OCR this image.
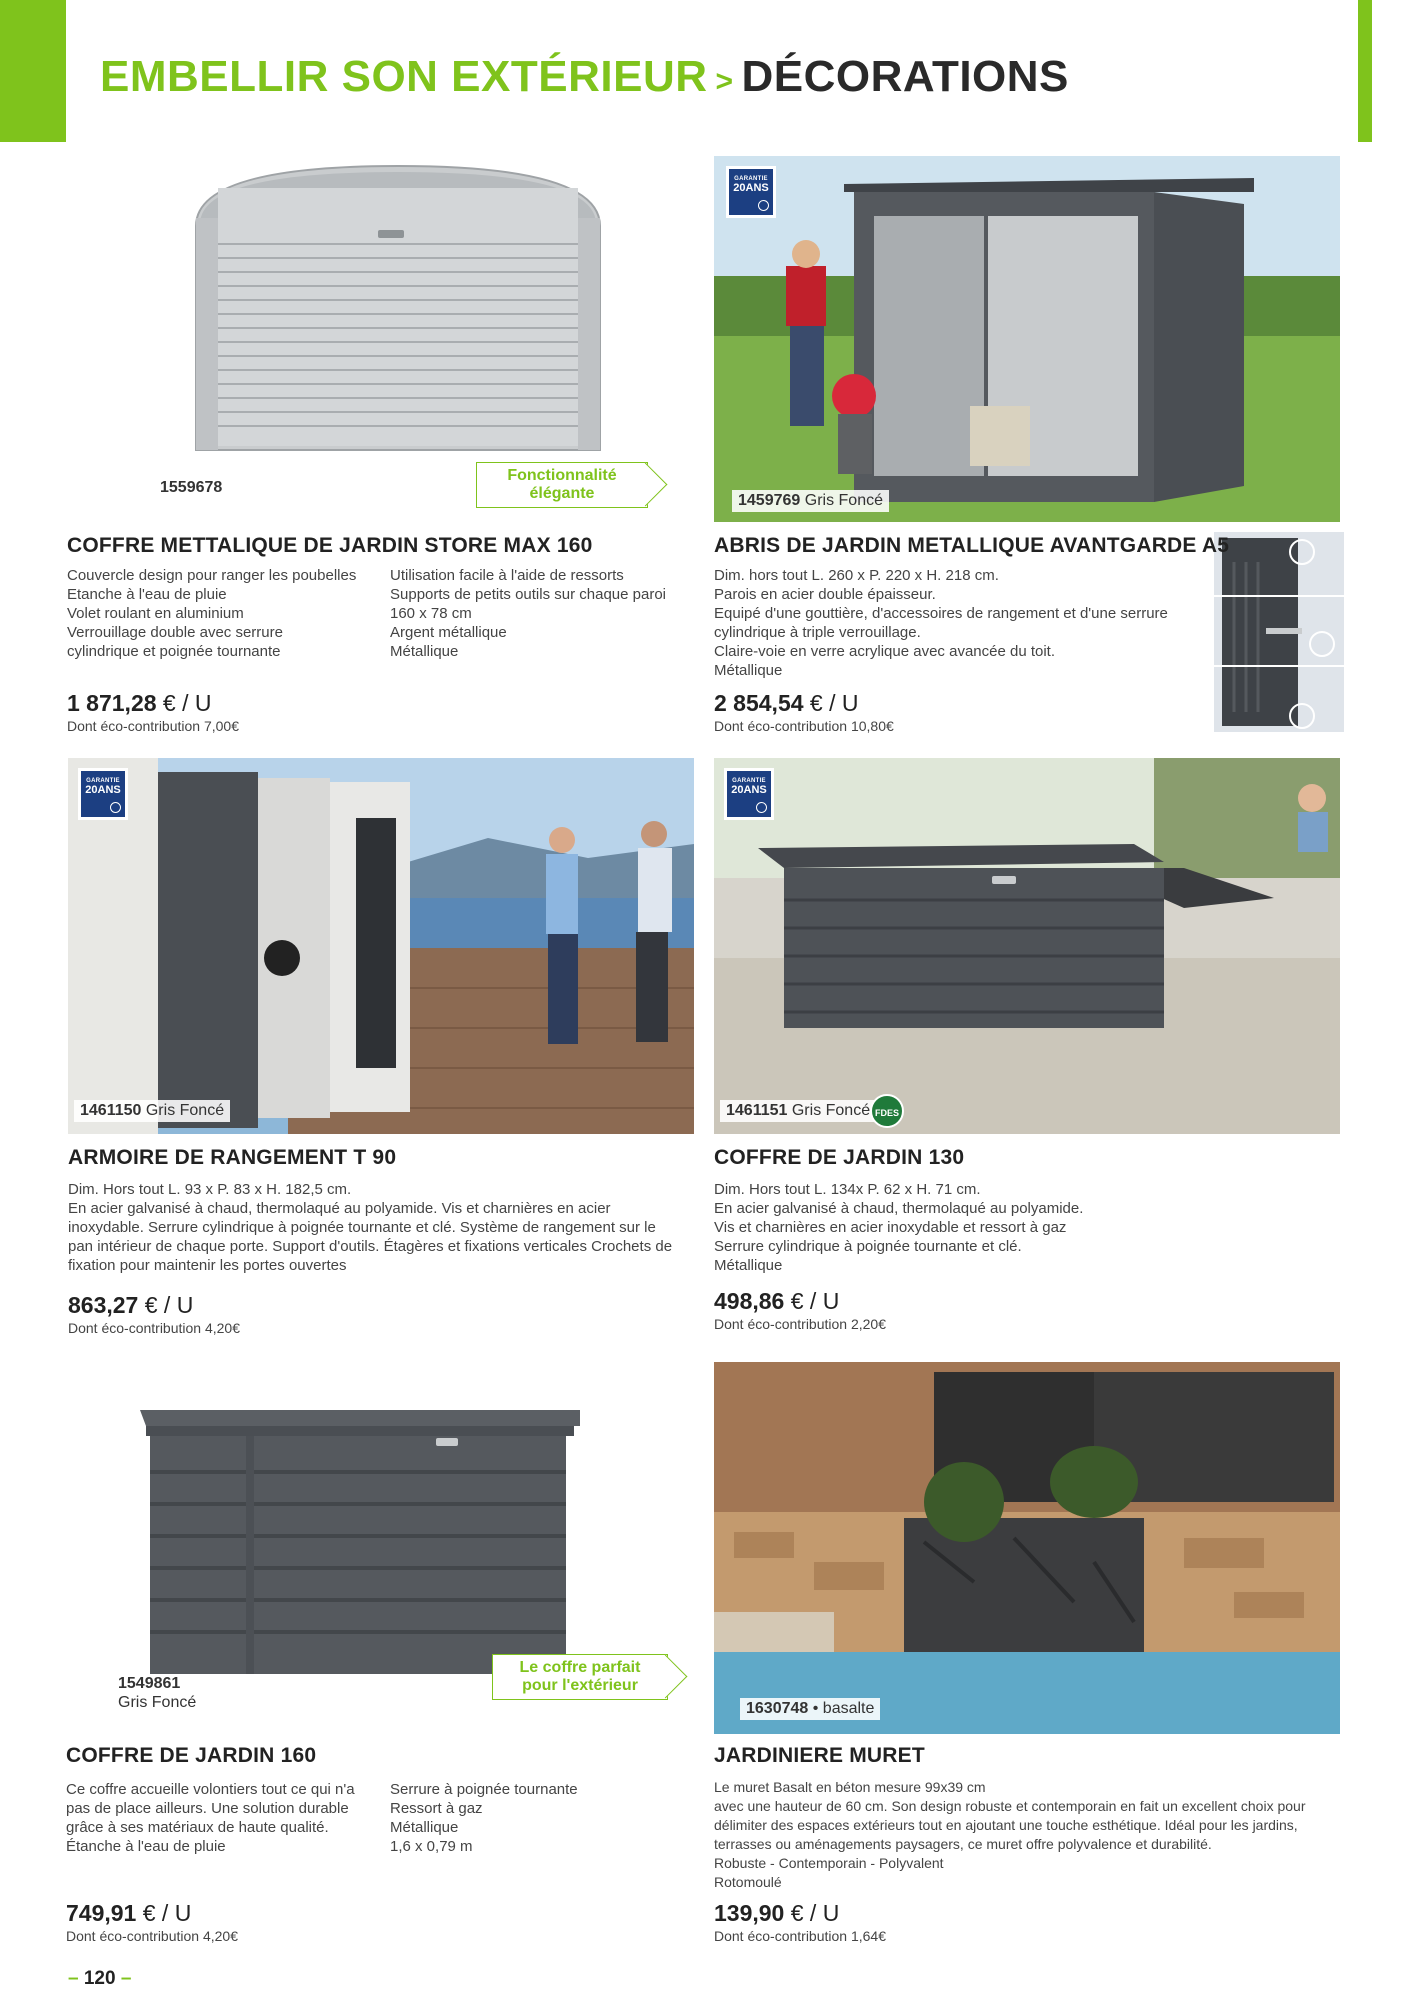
EMBELLIR SON EXTÉRIEUR > DÉCORATIONS
1559678
Fonctionnalité
élégante
COFFRE METTALIQUE DE JARDIN STORE MAX 160
Couvercle design pour ranger les poubelles
Etanche à l'eau de pluie
Volet roulant en aluminium
Verrouillage double avec serrure
cylindrique et poignée tournante
Utilisation facile à l'aide de ressorts
Supports de petits outils sur chaque paroi
160 x 78 cm
Argent métallique
Métallique
1 871,28 € / U
Dont éco-contribution 7,00€
GARANTIE
20ANS
1459769 Gris Foncé
ABRIS DE JARDIN METALLIQUE AVANTGARDE A5
Dim. hors tout L. 260 x P. 220 x H. 218 cm.
Parois en acier double épaisseur.
Equipé d'une gouttière, d'accessoires de rangement et d'une serrure
cylindrique à triple verrouillage.
Claire-voie en verre acrylique avec avancée du toit.
Métallique
2 854,54 € / U
Dont éco-contribution 10,80€
GARANTIE
20ANS
1461150 Gris Foncé
ARMOIRE DE RANGEMENT T 90
Dim. Hors tout L. 93 x P. 83 x H. 182,5 cm.
En acier galvanisé à chaud, thermolaqué au polyamide. Vis et charnières en acier
inoxydable. Serrure cylindrique à poignée tournante et clé. Système de rangement sur le
pan intérieur de chaque porte. Support d'outils. Étagères et fixations verticales Crochets de
fixation pour maintenir les portes ouvertes
863,27 € / U
Dont éco-contribution 4,20€
GARANTIE
20ANS
1461151 Gris Foncé FDES
COFFRE DE JARDIN 130
Dim. Hors tout L. 134x P. 62 x H. 71 cm.
En acier galvanisé à chaud, thermolaqué au polyamide.
Vis et charnières en acier inoxydable et ressort à gaz
Serrure cylindrique à poignée tournante et clé.
Métallique
498,86 € / U
Dont éco-contribution 2,20€
1549861
Gris Foncé
Le coffre parfait
pour l'extérieur
COFFRE DE JARDIN 160
Ce coffre accueille volontiers tout ce qui n'a
pas de place ailleurs. Une solution durable
grâce à ses matériaux de haute qualité.
Étanche à l'eau de pluie
Serrure à poignée tournante
Ressort à gaz
Métallique
1,6 x 0,79 m
749,91 € / U
Dont éco-contribution 4,20€
1630748 • basalte
JARDINIERE MURET
Le muret Basalt en béton mesure 99x39 cm
avec une hauteur de 60 cm. Son design robuste et contemporain en fait un excellent choix pour
délimiter des espaces extérieurs tout en ajoutant une touche esthétique. Idéal pour les jardins,
terrasses ou aménagements paysagers, ce muret offre polyvalence et durabilité.
Robuste - Contemporain - Polyvalent
Rotomoulé
139,90 € / U
Dont éco-contribution 1,64€
– 120 –
